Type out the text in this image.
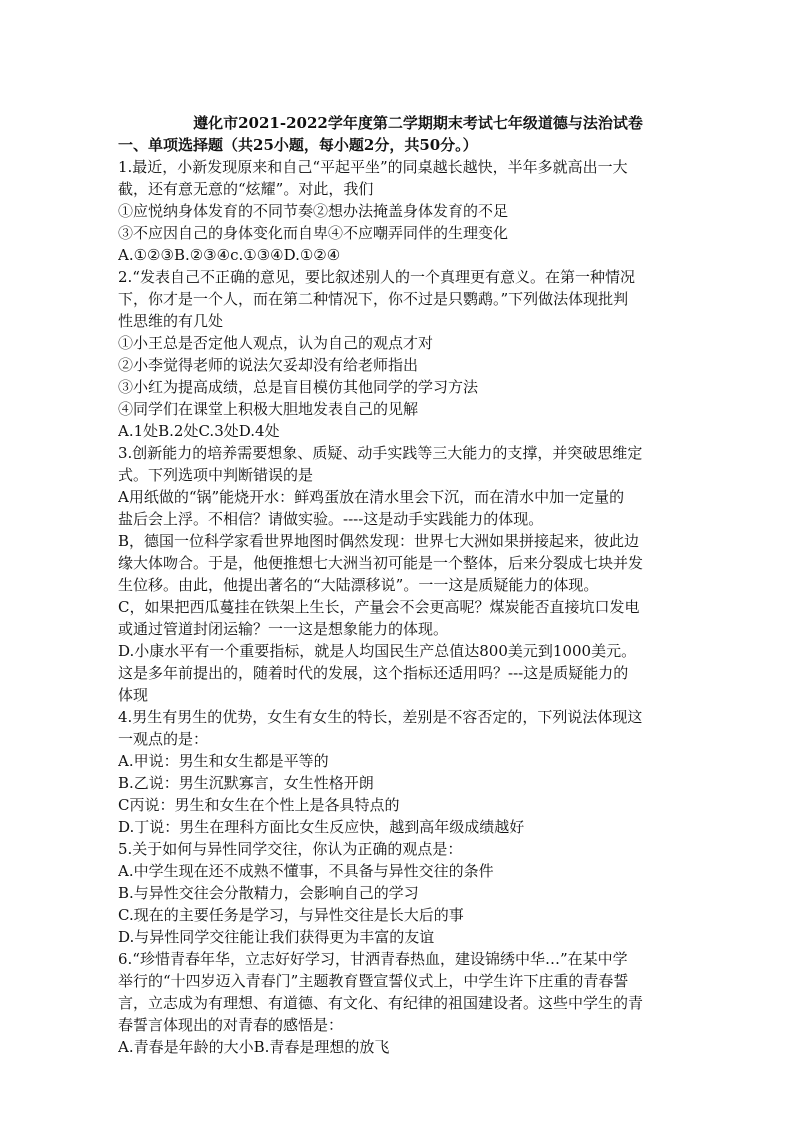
遵化市2021-2022学年度第二学期期末考试七年级道德与法治试卷

一、单项选择题（共25小题，每小题2分，共50分。）

1.最近，小新发现原来和自己“平起平坐”的同桌越长越快，半年多就高出一大

截，还有意无意的“炫耀”。对此，我们

①应悦纳身体发育的不同节奏②想办法掩盖身体发育的不足

③不应因自己的身体变化而自卑④不应嘲弄同伴的生理变化

A.①②③B.②③④c.①③④D.①②④

2.“发表自己不正确的意见，要比叙述别人的一个真理更有意义。在第一种情况

下，你才是一个人，而在第二种情况下，你不过是只鹦鹉。”下列做法体现批判

性思维的有几处

①小王总是否定他人观点，认为自己的观点才对

②小李觉得老师的说法欠妥却没有给老师指出

③小红为提高成绩，总是盲目模仿其他同学的学习方法

④同学们在课堂上积极大胆地发表自己的见解

A.1处B.2处C.3处D.4处

3.创新能力的培养需要想象、质疑、动手实践等三大能力的支撑，并突破思维定

式。下列选项中判断错误的是

A用纸做的“锅”能烧开水：鲜鸡蛋放在清水里会下沉，而在清水中加一定量的

盐后会上浮。不相信？请做实验。----这是动手实践能力的体现。

B，德国一位科学家看世界地图时偶然发现：世界七大洲如果拼接起来，彼此边

缘大体吻合。于是，他便推想七大洲当初可能是一个整体，后来分裂成七块并发

生位移。由此，他提出著名的“大陆漂移说”。一一这是质疑能力的体现。

C，如果把西瓜蔓挂在铁架上生长，产量会不会更高呢？煤炭能否直接坑口发电

或通过管道封闭运输？一一这是想象能力的体现。

D.小康水平有一个重要指标，就是人均国民生产总值达800美元到1000美元。

这是多年前提出的，随着时代的发展，这个指标还适用吗？---这是质疑能力的

体现

4.男生有男生的优势，女生有女生的特长，差别是不容否定的，下列说法体现这

一观点的是：

A.甲说：男生和女生都是平等的

B.乙说：男生沉默寡言，女生性格开朗

C丙说：男生和女生在个性上是各具特点的

D.丁说：男生在理科方面比女生反应快，越到高年级成绩越好

5.关于如何与异性同学交往，你认为正确的观点是：

A.中学生现在还不成熟不懂事，不具备与异性交往的条件

B.与异性交往会分散精力，会影响自己的学习

C.现在的主要任务是学习，与异性交往是长大后的事

D.与异性同学交往能让我们获得更为丰富的友谊

6.“珍惜青春年华，立志好好学习，甘洒青春热血，建设锦绣中华…”在某中学

举行的“十四岁迈入青春门”主题教育暨宣誓仪式上，中学生许下庄重的青春誓

言，立志成为有理想、有道德、有文化、有纪律的祖国建设者。这些中学生的青

春誓言体现出的对青春的感悟是：

A.青春是年龄的大小B.青春是理想的放飞
